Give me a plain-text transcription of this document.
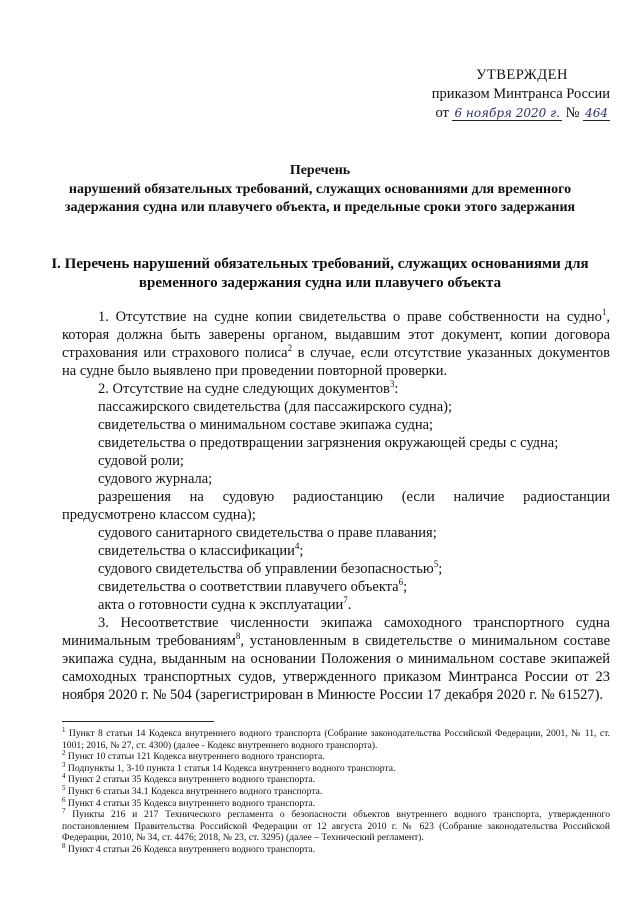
УТВЕРЖДЕН
приказом Минтранса России
от 6 ноября 2020 г. № 464
Перечень
нарушений обязательных требований, служащих основаниями для временного задержания судна или плавучего объекта, и предельные сроки этого задержания
I. Перечень нарушений обязательных требований, служащих основаниями для временного задержания судна или плавучего объекта

1. Отсутствие на судне копии свидетельства о праве собственности на судно$^1$, которая должна быть заверены органом, выдавшим этот документ, копии договора страхования или страхового полиса$^2$ в случае, если отсутствие указанных документов на судне было выявлено при проведении повторной проверки.

2. Отсутствие на судне следующих документов$^3$:

пассажирского свидетельства (для пассажирского судна);

свидетельства о минимальном составе экипажа судна;

свидетельства о предотвращении загрязнения окружающей среды с судна;

судовой роли;

судового журнала;

разрешения на судовую радиостанцию (если наличие радиостанции предусмотрено классом судна);

судового санитарного свидетельства о праве плавания;

свидетельства о классификации$^4$;

судового свидетельства об управлении безопасностью$^5$;

свидетельства о соответствии плавучего объекта$^6$;

акта о готовности судна к эксплуатации$^7$.

3. Несоответствие численности экипажа самоходного транспортного судна минимальным требованиям$^8$, установленным в свидетельстве о минимальном составе экипажа судна, выданным на основании Положения о минимальном составе экипажей самоходных транспортных судов, утвержденного приказом Минтранса России от 23 ноября 2020 г. № 504 (зарегистрирован в Минюсте России 17 декабря 2020 г. № 61527).

$^1$ Пункт 8 статьи 14 Кодекса внутреннего водного транспорта (Собрание законодательства Российской Федерации, 2001, № 11, ст. 1001; 2016, № 27, ст. 4300) (далее - Кодекс внутреннего водного транспорта).

$^2$ Пункт 10 статьи 121 Кодекса внутреннего водного транспорта.

$^3$ Подпункты 1, 3-10 пункта 1 статья 14 Кодекса внутреннего водного транспорта.

$^4$ Пункт 2 статьи 35 Кодекса внутреннего водного транспорта.

$^5$ Пункт 6 статьи 34.1 Кодекса внутреннего водного транспорта.

$^6$ Пункт 4 статьи 35 Кодекса внутреннего водного транспорта.

$^7$ Пункты 216 и 217 Технического регламента о безопасности объектов внутреннего водного транспорта, утвержденного постановлением Правительства Российской Федерации от 12 августа 2010 г. № 623 (Собрание законодательства Российской Федерации, 2010, № 34, ст. 4476; 2018, № 23, ст. 3295) (далее – Технический регламент).

$^8$ Пункт 4 статьи 26 Кодекса внутреннего водного транспорта.
